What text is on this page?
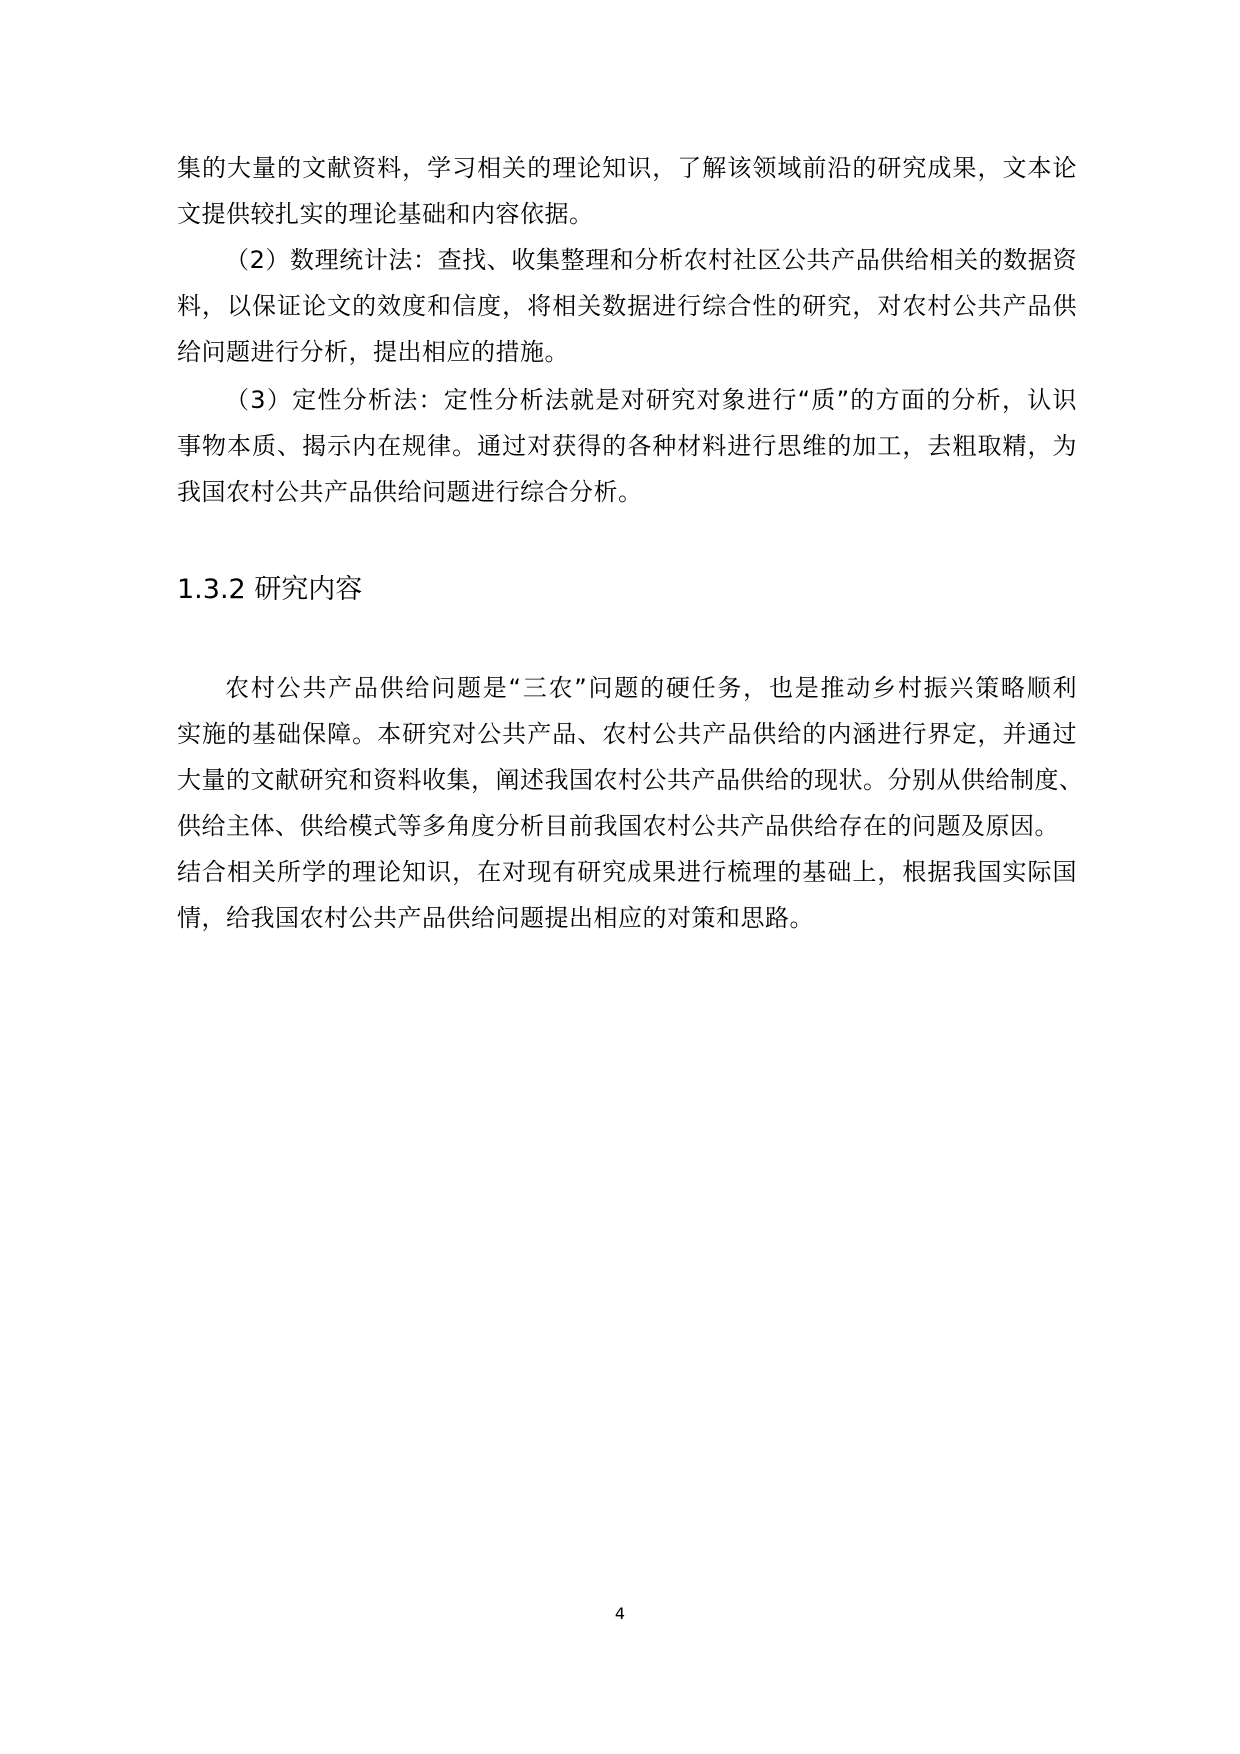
集的大量的文献资料，学习相关的理论知识，了解该领域前沿的研究成果，文本论
文提供较扎实的理论基础和内容依据。
（2）数理统计法：查找、收集整理和分析农村社区公共产品供给相关的数据资
料，以保证论文的效度和信度，将相关数据进行综合性的研究，对农村公共产品供
给问题进行分析，提出相应的措施。
（3）定性分析法：定性分析法就是对研究对象进行“质”的方面的分析，认识
事物本质、揭示内在规律。通过对获得的各种材料进行思维的加工，去粗取精，为
我国农村公共产品供给问题进行综合分析。
1.3.2 研究内容
农村公共产品供给问题是“三农”问题的硬任务，也是推动乡村振兴策略顺利
实施的基础保障。本研究对公共产品、农村公共产品供给的内涵进行界定，并通过
大量的文献研究和资料收集，阐述我国农村公共产品供给的现状。分别从供给制度、
供给主体、供给模式等多角度分析目前我国农村公共产品供给存在的问题及原因。
结合相关所学的理论知识，在对现有研究成果进行梳理的基础上，根据我国实际国
情，给我国农村公共产品供给问题提出相应的对策和思路。
4
